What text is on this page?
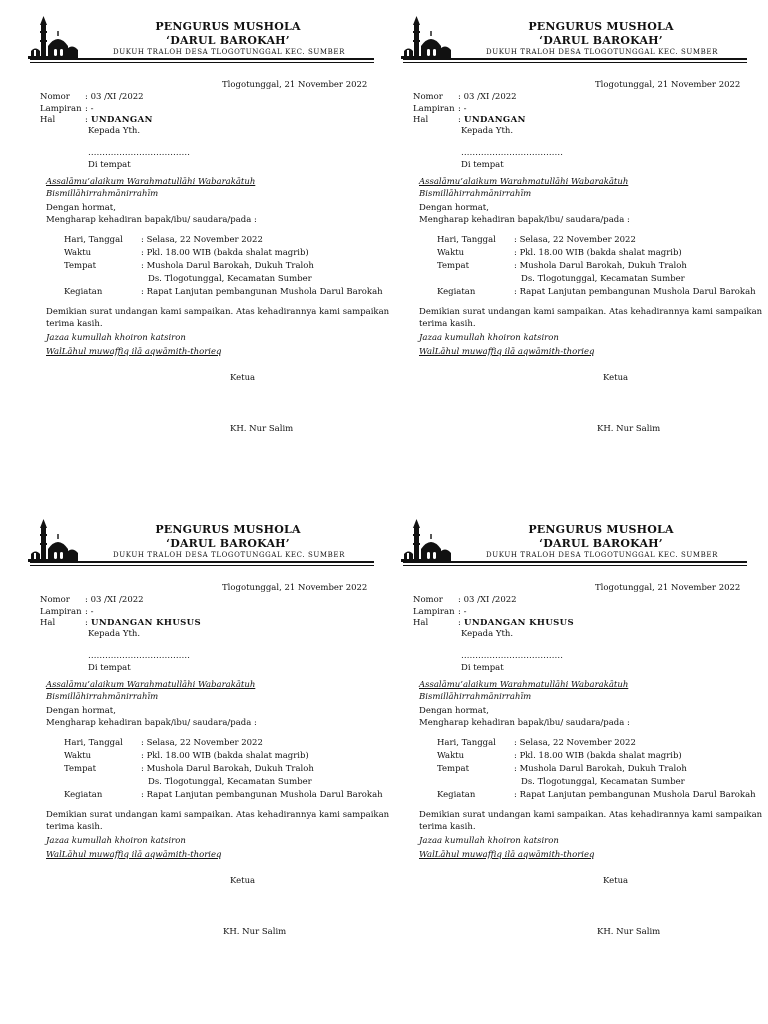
PENGURUS MUSHOLA
‘DARUL BAROKAH’
DUKUH TRALOH DESA TLOGOTUNGGAL KEC. SUMBER
Tlogotunggal, 21 November 2022
Nomor : 03 /XI /2022
Lampiran : -
Hal	: UNDANGAN
Kepada Yth.
………………………………
Di tempat
Assalāmu’alaikum Warahmatullāhi Wabarakātuh
Bismillāhirrahmānirrahīm
Dengan hormat,
Mengharap kehadiran bapak/ibu/ saudara/pada :
Hari, Tanggal : Selasa, 22 November 2022
Waktu	: Pkl. 18.00 WIB (bakda shalat magrib)
Tempat	: Mushola Darul Barokah, Dukuh Traloh
Ds. Tlogotunggal, Kecamatan Sumber
Kegiatan	: Rapat Lanjutan pembangunan Mushola Darul Barokah
Demikian surat undangan kami sampaikan. Atas kehadirannya kami sampaikan
terima kasih.
Jazaa kumullah khoiron katsiron
WalLāhul muwaffiq ilā aqwāmith-thorieq
Ketua
KH. Nur Salim
PENGURUS MUSHOLA
‘DARUL BAROKAH’
DUKUH TRALOH DESA TLOGOTUNGGAL KEC. SUMBER
Tlogotunggal, 21 November 2022
Nomor : 03 /XI /2022
Lampiran : -
Hal	: UNDANGAN
Kepada Yth.
………………………………
Di tempat
Assalāmu’alaikum Warahmatullāhi Wabarakātuh
Bismillāhirrahmānirrahīm
Dengan hormat,
Mengharap kehadiran bapak/ibu/ saudara/pada :
Hari, Tanggal : Selasa, 22 November 2022
Waktu	: Pkl. 18.00 WIB (bakda shalat magrib)
Tempat	: Mushola Darul Barokah, Dukuh Traloh
Ds. Tlogotunggal, Kecamatan Sumber
Kegiatan	: Rapat Lanjutan pembangunan Mushola Darul Barokah
Demikian surat undangan kami sampaikan. Atas kehadirannya kami sampaikan
terima kasih.
Jazaa kumullah khoiron katsiron
WalLāhul muwaffiq ilā aqwāmith-thorieq
Ketua
KH. Nur Salim
PENGURUS MUSHOLA
‘DARUL BAROKAH’
DUKUH TRALOH DESA TLOGOTUNGGAL KEC. SUMBER
Tlogotunggal, 21 November 2022
Nomor : 03 /XI /2022
Lampiran : -
Hal	: UNDANGAN KHUSUS
Kepada Yth.
………………………………
Di tempat
Assalāmu’alaikum Warahmatullāhi Wabarakātuh
Bismillāhirrahmānirrahīm
Dengan hormat,
Mengharap kehadiran bapak/ibu/ saudara/pada :
Hari, Tanggal : Selasa, 22 November 2022
Waktu	: Pkl. 18.00 WIB (bakda shalat magrib)
Tempat	: Mushola Darul Barokah, Dukuh Traloh
Ds. Tlogotunggal, Kecamatan Sumber
Kegiatan	: Rapat Lanjutan pembangunan Mushola Darul Barokah
Demikian surat undangan kami sampaikan. Atas kehadirannya kami sampaikan
terima kasih.
Jazaa kumullah khoiron katsiron
WalLāhul muwaffiq ilā aqwāmith-thorieq
Ketua
KH. Nur Salim
PENGURUS MUSHOLA
‘DARUL BAROKAH’
DUKUH TRALOH DESA TLOGOTUNGGAL KEC. SUMBER
Tlogotunggal, 21 November 2022
Nomor : 03 /XI /2022
Lampiran : -
Hal	: UNDANGAN KHUSUS
Kepada Yth.
………………………………
Di tempat
Assalāmu’alaikum Warahmatullāhi Wabarakātuh
Bismillāhirrahmānirrahīm
Dengan hormat,
Mengharap kehadiran bapak/ibu/ saudara/pada :
Hari, Tanggal : Selasa, 22 November 2022
Waktu	: Pkl. 18.00 WIB (bakda shalat magrib)
Tempat	: Mushola Darul Barokah, Dukuh Traloh
Ds. Tlogotunggal, Kecamatan Sumber
Kegiatan	: Rapat Lanjutan pembangunan Mushola Darul Barokah
Demikian surat undangan kami sampaikan. Atas kehadirannya kami sampaikan
terima kasih.
Jazaa kumullah khoiron katsiron
WalLāhul muwaffiq ilā aqwāmith-thorieq
Ketua
KH. Nur Salim
